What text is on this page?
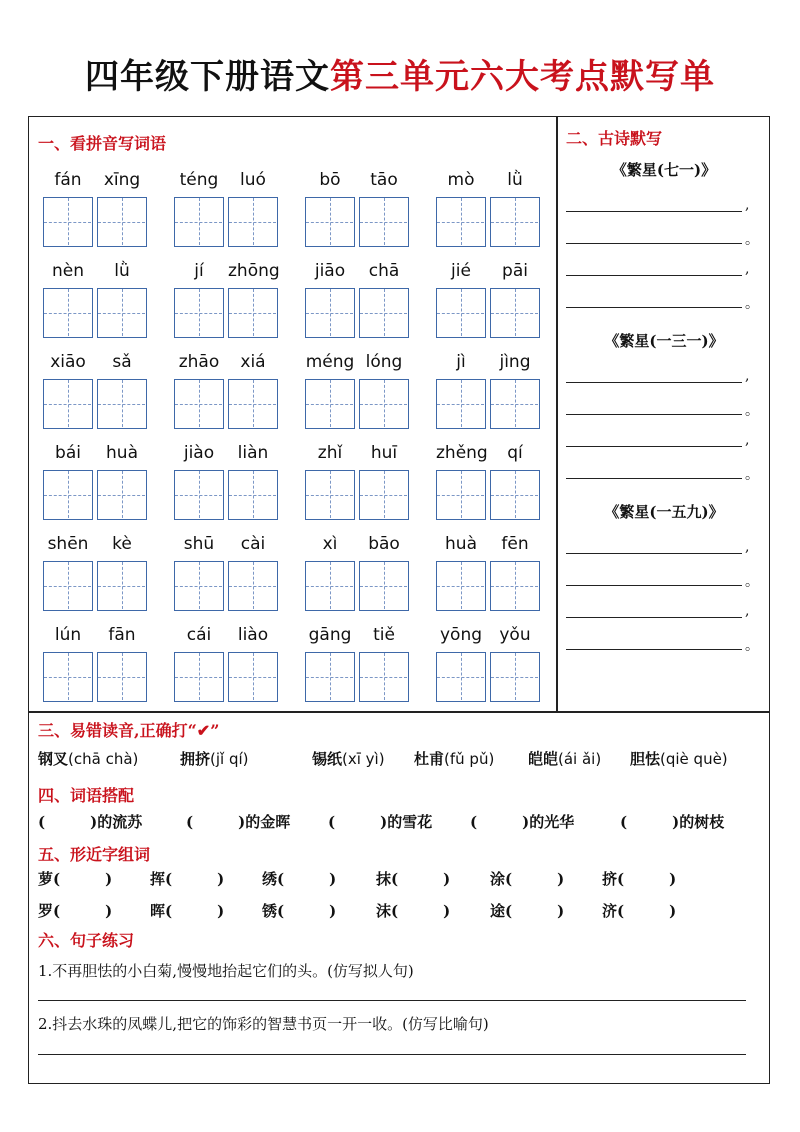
四年级下册语文第三单元六大考点默写单
一、看拼音写词语
fán	xīng	téng	luó	bō	tāo	mò	lǜ
nèn	lǜ	jí	zhōng	jiāo	chā	jié	pāi
xiāo	sǎ	zhāo	xiá	méng lóng	jì	jìng
bái	huà	jiào	liàn	zhǐ	huī	zhěng	qí
shēn	kè	shū	cài	xì	bāo	huà	fēn
lún	fān	cái	liào	gāng	tiě	yōng	yǒu
二、古诗默写
《繁星(七一)》
,
。
,
。
《繁星(一三一)》
,
。
,
。
《繁星(一五九)》
,
。
,
。
三、易错读音,正确打“✔”
钢叉(chā chà)	拥挤(jǐ qí)	锡纸(xī yì) 杜甫(fǔ pǔ) 皑皑(ái ǎi) 胆怯(qiè què)
四、词语搭配
(　　　)的流苏	(　　　)的金晖	(　　　)的雪花	(　　　)的光华	(　　　)的树枝
五、形近字组词
萝(　　　)	挥(　　　)	绣(　　　)	抹(　　　)	涂(　　　)	挤(　　　)
罗(　　　)	晖(　　　)	锈(　　　)	沫(　　　)	途(　　　)	济(　　　)
六、句子练习
1.不再胆怯的小白菊,慢慢地抬起它们的头。(仿写拟人句)
2.抖去水珠的凤蝶儿,把它的饰彩的智慧书页一开一收。(仿写比喻句)
